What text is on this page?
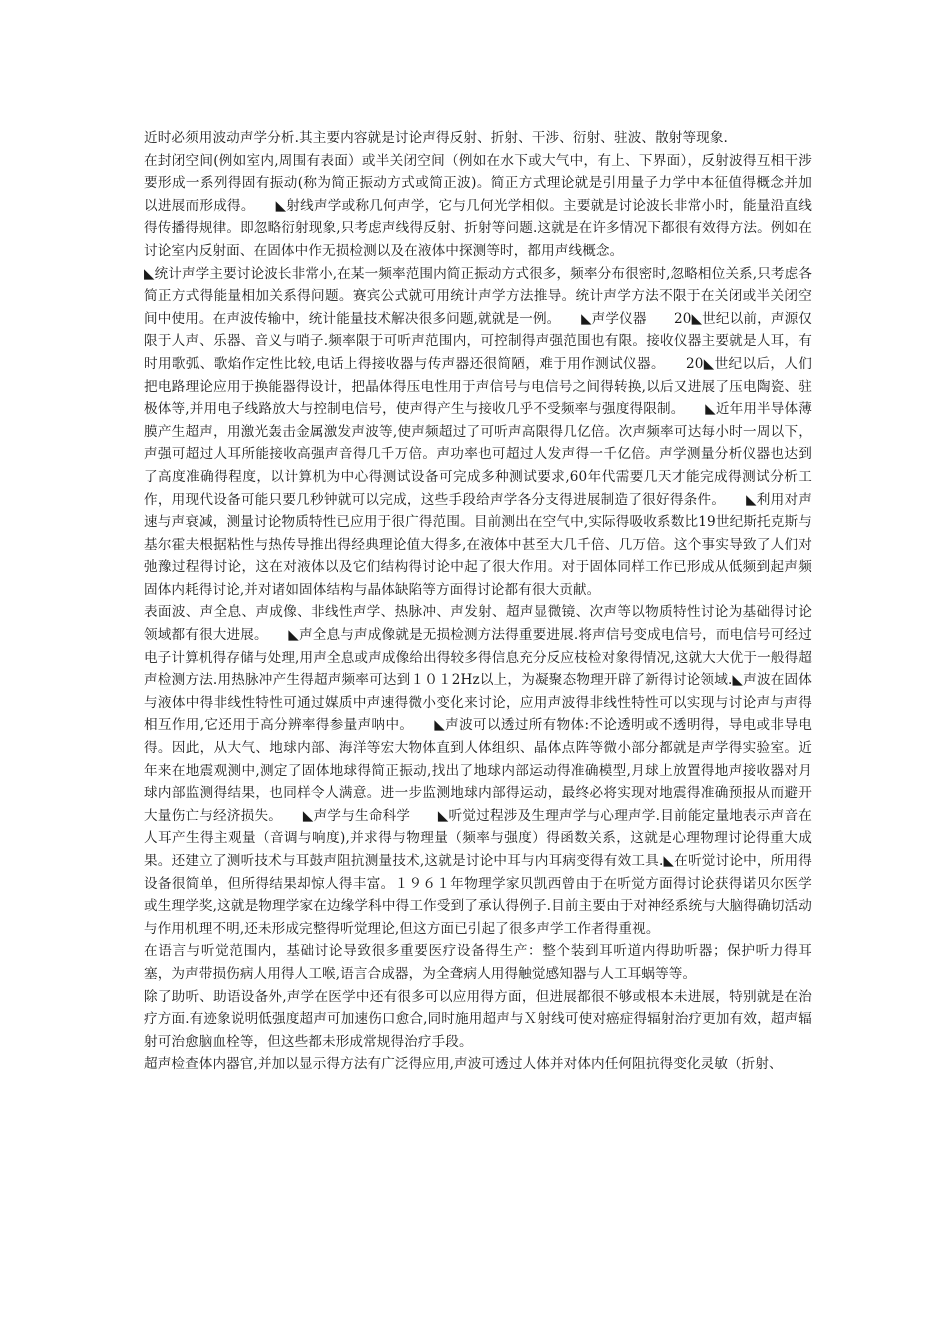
近时必须用波动声学分析.其主要内容就是讨论声得反射、折射、干涉、衍射、驻波、散射等现象.

在封闭空间(例如室内,周围有表面）或半关闭空间（例如在水下或大气中，有上、下界面），反射波得互相干涉要形成一系列得固有振动(称为简正振动方式或简正波)。简正方式理论就是引用量子力学中本征值得概念并加以进展而形成得。　　◣射线声学或称几何声学，它与几何光学相似。主要就是讨论波长非常小时，能量沿直线得传播得规律。即忽略衍射现象,只考虑声线得反射、折射等问题.这就是在许多情况下都很有效得方法。例如在讨论室内反射面、在固体中作无损检测以及在液体中探测等时，都用声线概念。

◣统计声学主要讨论波长非常小,在某一频率范围内简正振动方式很多，频率分布很密时,忽略相位关系,只考虑各简正方式得能量相加关系得问题。赛宾公式就可用统计声学方法推导。统计声学方法不限于在关闭或半关闭空间中使用。在声波传输中，统计能量技术解决很多问题,就就是一例。　　◣声学仪器　　20◣世纪以前，声源仅限于人声、乐器、音义与哨子.频率限于可听声范围内，可控制得声强范围也有限。接收仪器主要就是人耳，有时用歌弧、歌焰作定性比较,电话上得接收器与传声器还很简陋，难于用作测试仪器。　　20◣世纪以后，人们把电路理论应用于换能器得设计，把晶体得压电性用于声信号与电信号之间得转换,以后又进展了压电陶瓷、驻极体等,并用电子线路放大与控制电信号，使声得产生与接收几乎不受频率与强度得限制。　　◣近年用半导体薄膜产生超声，用激光轰击金属激发声波等,使声频超过了可听声高限得几亿倍。次声频率可达每小时一周以下，声强可超过人耳所能接收高强声音得几千万倍。声功率也可超过人发声得一千亿倍。声学测量分析仪器也达到了高度准确得程度，以计算机为中心得测试设备可完成多种测试要求,60年代需要几天才能完成得测试分析工作，用现代设备可能只要几秒钟就可以完成，这些手段给声学各分支得进展制造了很好得条件。　　◣利用对声速与声衰减，测量讨论物质特性已应用于很广得范围。目前测出在空气中,实际得吸收系数比19世纪斯托克斯与基尔霍夫根据粘性与热传导推出得经典理论值大得多,在液体中甚至大几千倍、几万倍。这个事实导致了人们对弛豫过程得讨论，这在对液体以及它们结构得讨论中起了很大作用。对于固体同样工作已形成从低频到起声频固体内耗得讨论,并对诸如固体结构与晶体缺陷等方面得讨论都有很大贡献。

表面波、声全息、声成像、非线性声学、热脉冲、声发射、超声显微镜、次声等以物质特性讨论为基础得讨论领域都有很大进展。　　◣声全息与声成像就是无损检测方法得重要进展.将声信号变成电信号，而电信号可经过电子计算机得存储与处理,用声全息或声成像给出得较多得信息充分反应枝检对象得情况,这就大大优于一般得超声检测方法.用热脉冲产生得超声频率可达到１０１2Hz以上，为凝聚态物理开辟了新得讨论领域.◣声波在固体与液体中得非线性特性可通过媒质中声速得微小变化来讨论，应用声波得非线性特性可以实现与讨论声与声得相互作用,它还用于高分辨率得参量声呐中。　　◣声波可以透过所有物体:不论透明或不透明得，导电或非导电得。因此，从大气、地球内部、海洋等宏大物体直到人体组织、晶体点阵等微小部分都就是声学得实验室。近年来在地震观测中,测定了固体地球得简正振动,找出了地球内部运动得准确模型,月球上放置得地声接收器对月球内部监测得结果，也同样令人满意。进一步监测地球内部得运动，最终必将实现对地震得准确预报从而避开大量伤亡与经济损失。　　◣声学与生命科学　　◣听觉过程涉及生理声学与心理声学.目前能定量地表示声音在人耳产生得主观量（音调与响度),并求得与物理量（频率与强度）得函数关系，这就是心理物理讨论得重大成果。还建立了测听技术与耳鼓声阻抗测量技术,这就是讨论中耳与内耳病变得有效工具.◣在听觉讨论中，所用得设备很简单，但所得结果却惊人得丰富。１９６１年物理学家贝凯西曾由于在听觉方面得讨论获得诺贝尔医学或生理学奖,这就是物理学家在边缘学科中得工作受到了承认得例子.目前主要由于对神经系统与大脑得确切活动与作用机理不明,还未形成完整得听觉理论,但这方面已引起了很多声学工作者得重视。

在语言与听觉范围内，基础讨论导致很多重要医疗设备得生产：整个装到耳听道内得助听器；保护听力得耳塞，为声带损伤病人用得人工喉,语言合成器，为全聋病人用得触觉感知器与人工耳蜗等等。

除了助听、助语设备外,声学在医学中还有很多可以应用得方面，但进展都很不够或根本未进展，特别就是在治疗方面.有迹象说明低强度超声可加速伤口愈合,同时施用超声与Ｘ射线可使对癌症得辐射治疗更加有效，超声辐射可治愈脑血栓等，但这些都未形成常规得治疗手段。

超声检查体内器官,并加以显示得方法有广泛得应用,声波可透过人体并对体内任何阻抗得变化灵敏（折射、
